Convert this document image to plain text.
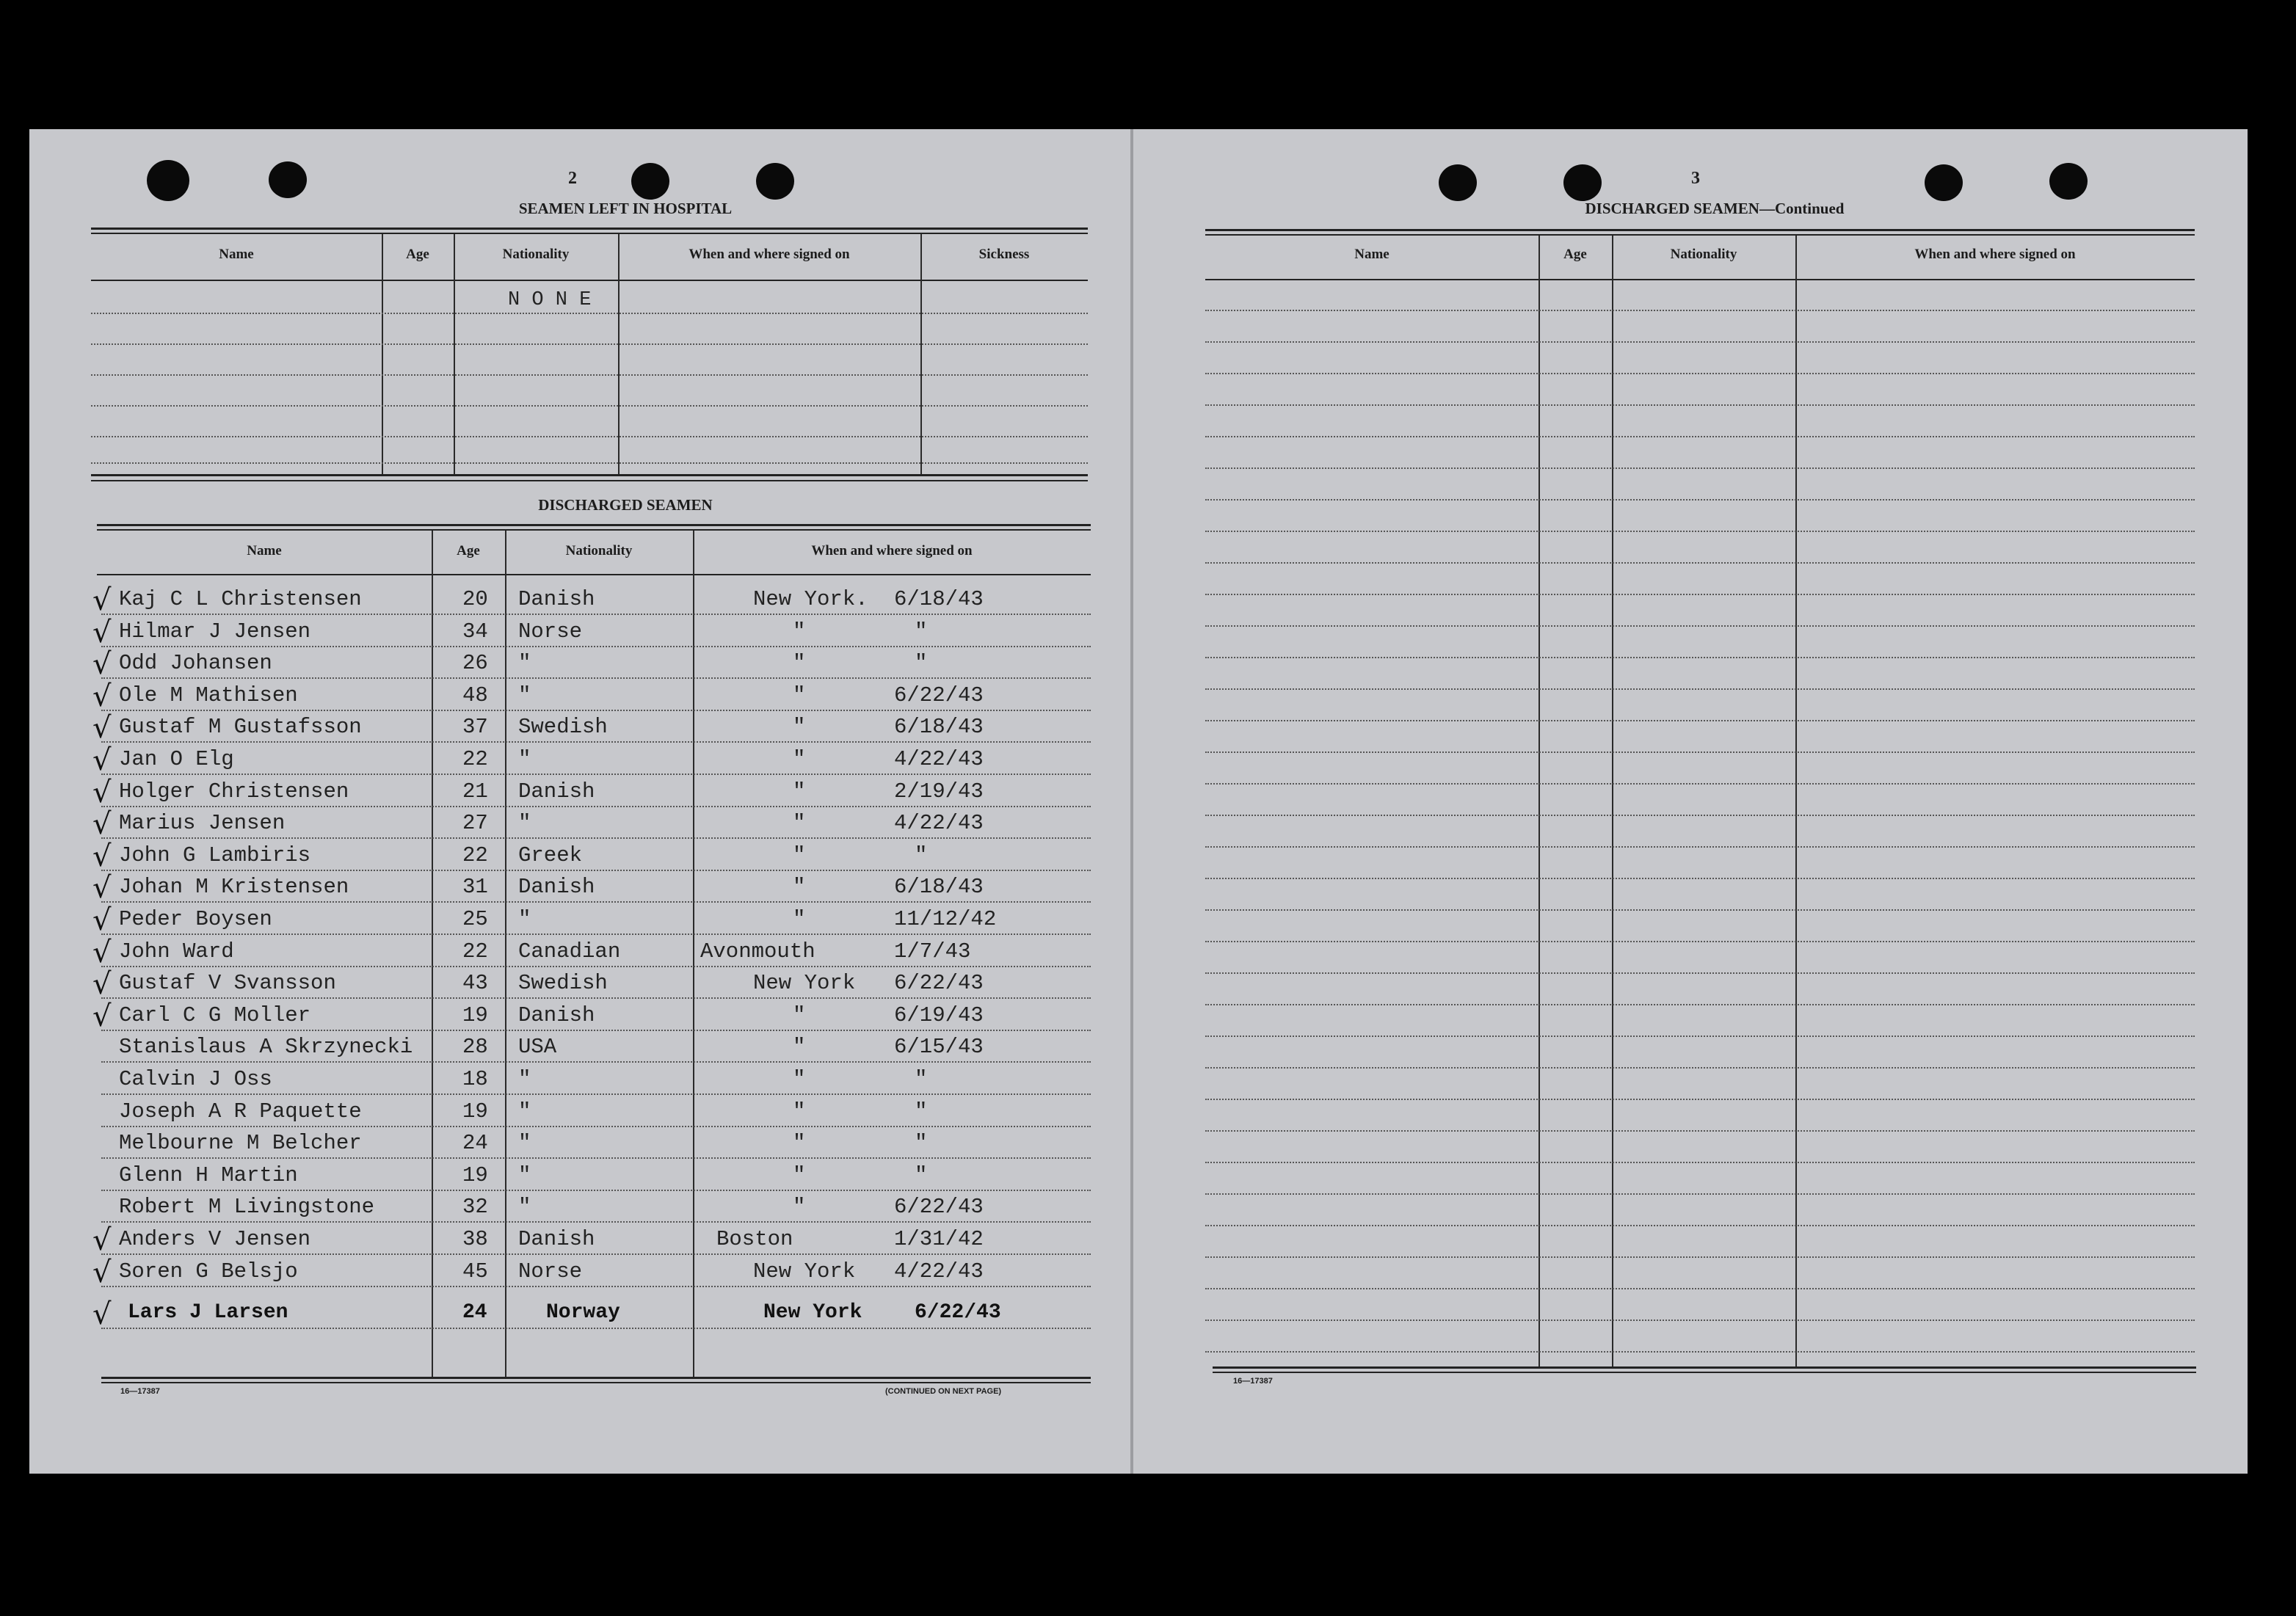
2
SEAMEN LEFT IN HOSPITAL
Name	Age	Nationality	When and where signed on	Sickness
N O N E
DISCHARGED SEAMEN
Name	Age	Nationality	When and where signed on
√ Kaj C L Christensen	20 Danish	New York. 6/18/43
√ Hilmar J Jensen	34 Norse	"	"
√ Odd Johansen	26 "	"	"
√ Ole M Mathisen	48 "	"	6/22/43
√ Gustaf M Gustafsson	37 Swedish	"	6/18/43
√ Jan O Elg	22 "	"	4/22/43
√ Holger Christensen	21 Danish	"	2/19/43
√ Marius Jensen	27 "	"	4/22/43
√ John G Lambiris	22 Greek	"	"
√ Johan M Kristensen	31 Danish	"	6/18/43
√ Peder Boysen	25 "	"	11/12/42
√ John Ward	22 Canadian	Avonmouth	1/7/43
√ Gustaf V Svansson	43 Swedish	New York 6/22/43
√ Carl C G Moller	19 Danish	"	6/19/43
Stanislaus A Skrzynecki 28 USA	"	6/15/43
Calvin J Oss	18 "	"	"
Joseph A R Paquette	19 "	"	"
Melbourne M Belcher	24 "	"	"
Glenn H Martin	19 "	"	"
Robert M Livingstone	32 "	"	6/22/43
√ Anders V Jensen	38 Danish	Boston	1/31/42
√ Soren G Belsjo	45 Norse	New York 4/22/43
√ Lars J Larsen	24	Norway	New York	6/22/43
16—17387	(CONTINUED ON NEXT PAGE)
3
DISCHARGED SEAMEN—Continued
Name	Age	Nationality	When and where signed on
16—17387
